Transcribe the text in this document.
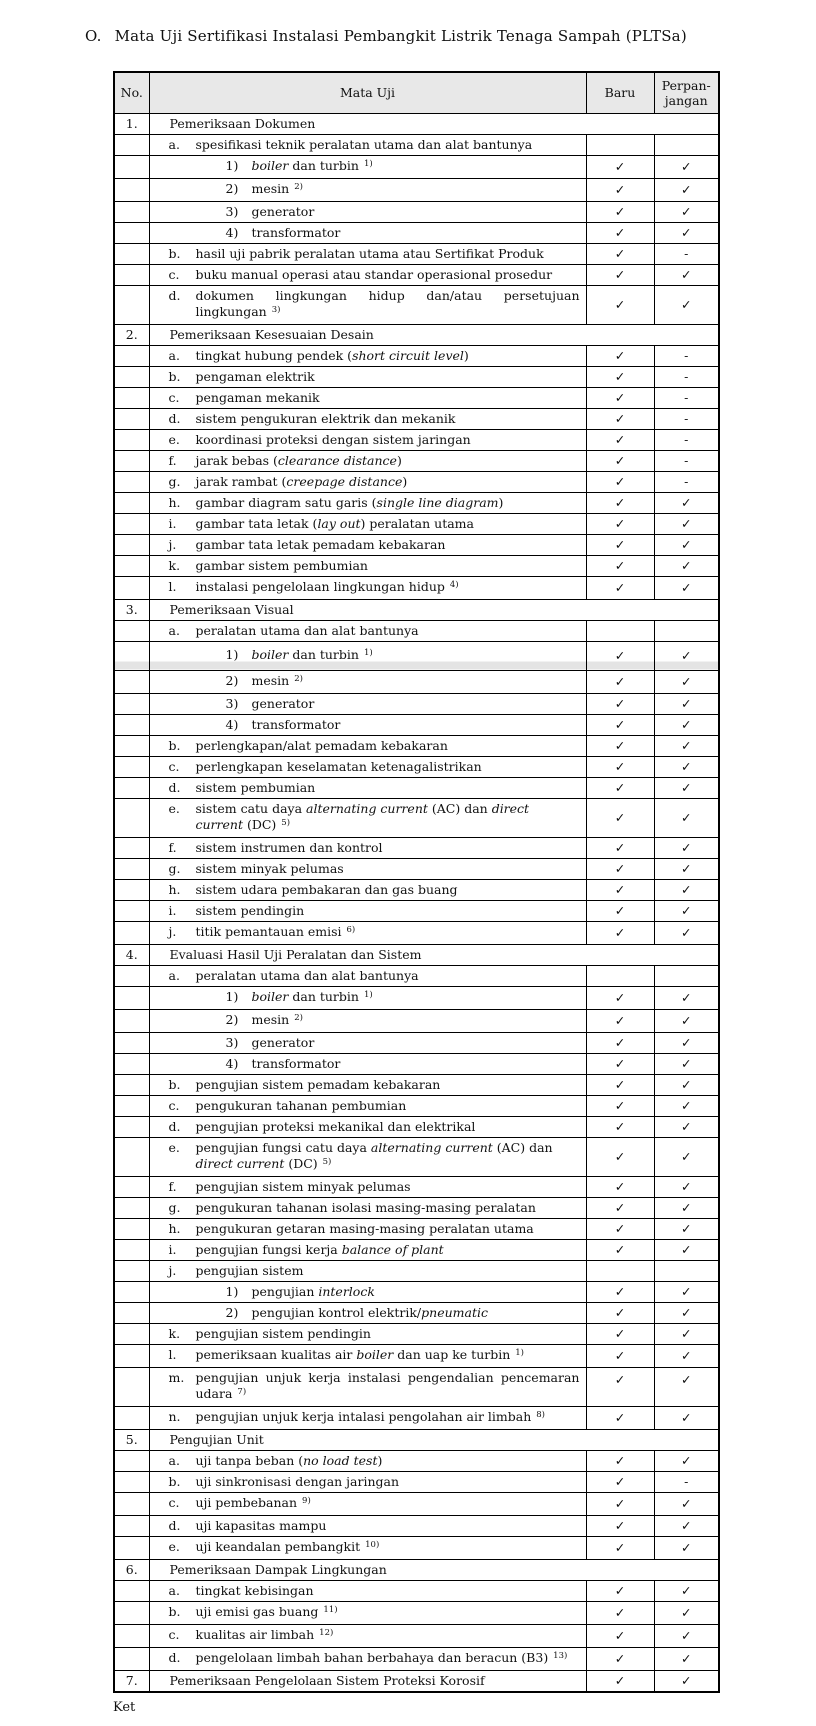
O. Mata Uji Sertifikasi Instalasi Pembangkit Listrik Tenaga Sampah (PLTSa)
No.	Mata Uji	Baru	Perpan-jangan
1.	Pemeriksaan Dokumen		

	a. spesifikasi teknik peralatan utama dan alat bantunya		

	1) boiler dan turbin $^{1)}$	✓	✓

	2) mesin $^{2)}$	✓	✓

	3) generator	✓	✓

	4) transformator	✓	✓

	b. hasil uji pabrik peralatan utama atau Sertifikat Produk	✓	-

	c. buku manual operasi atau standar operasional prosedur	✓	✓

	d. dokumen lingkungan hidup dan/atau persetujuan lingkungan $^{3)}$	✓	✓
2.	Pemeriksaan Kesesuaian Desain		

	a. tingkat hubung pendek (short circuit level)	✓	-

	b. pengaman elektrik	✓	-

	c. pengaman mekanik	✓	-

	d. sistem pengukuran elektrik dan mekanik	✓	-

	e. koordinasi proteksi dengan sistem jaringan	✓	-

	f. jarak bebas (clearance distance)	✓	-

	g. jarak rambat (creepage distance)	✓	-

	h. gambar diagram satu garis (single line diagram)	✓	✓

	i. gambar tata letak (lay out) peralatan utama	✓	✓

	j. gambar tata letak pemadam kebakaran	✓	✓

	k. gambar sistem pembumian	✓	✓

	l. instalasi pengelolaan lingkungan hidup $^{4)}$	✓	✓
3.	Pemeriksaan Visual		

	a. peralatan utama dan alat bantunya		

	1) boiler dan turbin $^{1)}$	✓	✓

	2) mesin $^{2)}$	✓	✓

	3) generator	✓	✓

	4) transformator	✓	✓

	b. perlengkapan/alat pemadam kebakaran	✓	✓

	c. perlengkapan keselamatan ketenagalistrikan	✓	✓

	d. sistem pembumian	✓	✓

	e. sistem catu daya alternating current (AC) dan direct current (DC) $^{5)}$	✓	✓

	f. sistem instrumen dan kontrol	✓	✓

	g. sistem minyak pelumas	✓	✓

	h. sistem udara pembakaran dan gas buang	✓	✓

	i. sistem pendingin	✓	✓

	j. titik pemantauan emisi $^{6)}$	✓	✓
4.	Evaluasi Hasil Uji Peralatan dan Sistem		

	a. peralatan utama dan alat bantunya		

	1) boiler dan turbin $^{1)}$	✓	✓

	2) mesin $^{2)}$	✓	✓

	3) generator	✓	✓

	4) transformator	✓	✓

	b. pengujian sistem pemadam kebakaran	✓	✓

	c. pengukuran tahanan pembumian	✓	✓

	d. pengujian proteksi mekanikal dan elektrikal	✓	✓

	e. pengujian fungsi catu daya alternating current (AC) dan direct current (DC) $^{5)}$	✓	✓

	f. pengujian sistem minyak pelumas	✓	✓

	g. pengukuran tahanan isolasi masing-masing peralatan	✓	✓

	h. pengukuran getaran masing-masing peralatan utama	✓	✓

	i. pengujian fungsi kerja balance of plant	✓	✓

	j. pengujian sistem		

	1) pengujian interlock	✓	✓

	2) pengujian kontrol elektrik/pneumatic	✓	✓

	k. pengujian sistem pendingin	✓	✓

	l. pemeriksaan kualitas air boiler dan uap ke turbin $^{1)}$	✓	✓

	m. pengujian unjuk kerja instalasi pengendalian pencemaran udara $^{7)}$	✓	✓

	n. pengujian unjuk kerja intalasi pengolahan air limbah $^{8)}$	✓	✓
5.	Pengujian Unit		

	a. uji tanpa beban (no load test)	✓	✓

	b. uji sinkronisasi dengan jaringan	✓	-

	c. uji pembebanan $^{9)}$	✓	✓

	d. uji kapasitas mampu	✓	✓

	e. uji keandalan pembangkit $^{10)}$	✓	✓
6.	Pemeriksaan Dampak Lingkungan		

	a. tingkat kebisingan	✓	✓

	b. uji emisi gas buang $^{11)}$	✓	✓

	c. kualitas air limbah $^{12)}$	✓	✓

	d. pengelolaan limbah bahan berbahaya dan beracun (B3) $^{13)}$	✓	✓
7.	Pemeriksaan Pengelolaan Sistem Proteksi Korosif	✓	✓
Ket
